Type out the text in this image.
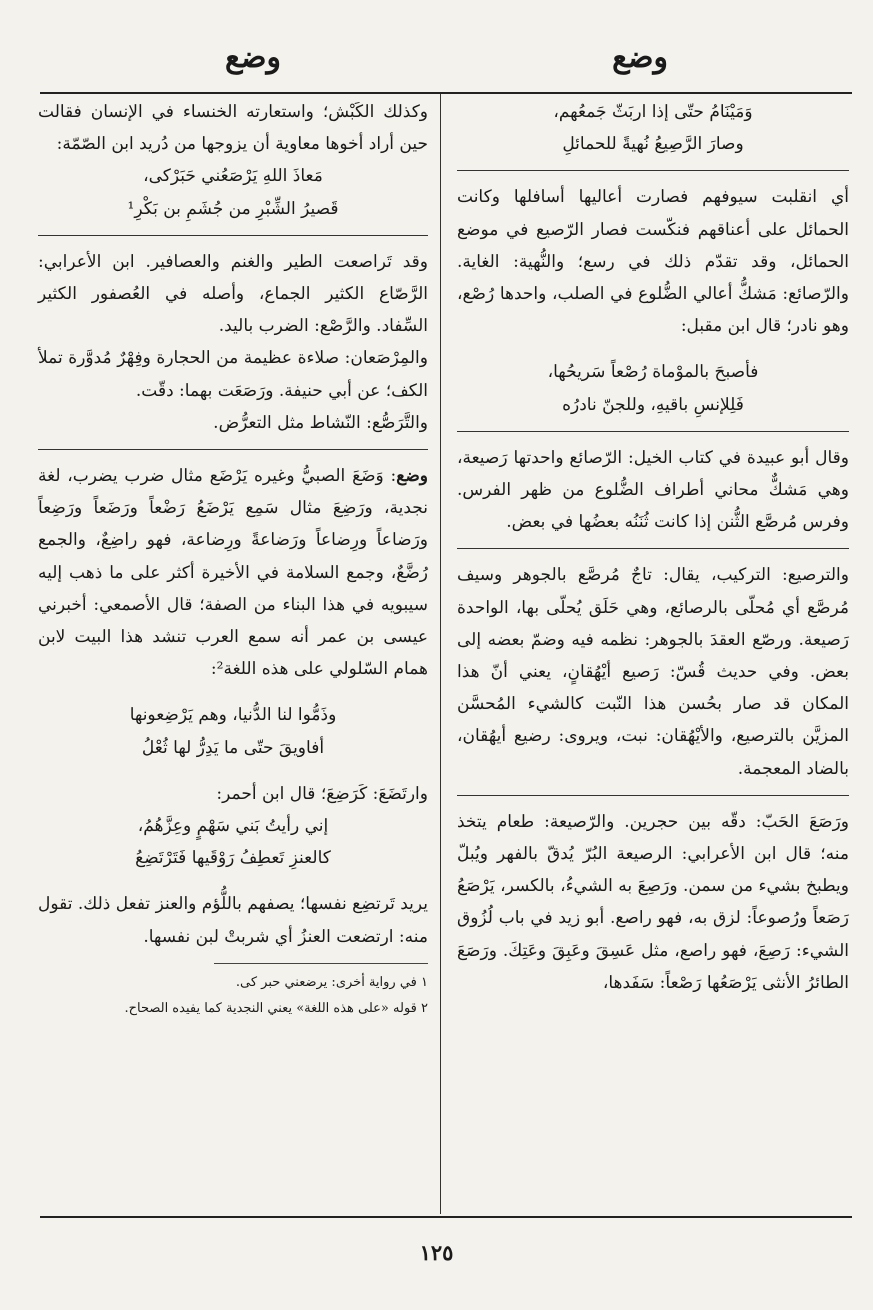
وضع
وضع
وَمَيْنَامُ حتّى إذا اربَثّ جَمعُهم،
وصارَ الرَّصِيعُ نُهيةً للحمائلِ

أي انقلبت سيوفهم فصارت أعاليها أسافلها وكانت الحمائل على أعناقهم فنكّست فصار الرّصيع في موضع الحمائل، وقد تقدّم ذلك في رسع؛ والنُّهية: الغاية. والرّصائع: مَشكُّ أعالي الضُّلوع في الصلب، واحدها رُصْع، وهو نادر؛ قال ابن مقبل:

فأصبحَ بالموْماة رُصْعاً سَريحُها،
فَلِلإنسِ باقيهِ، وللجنّ نادرُه

وقال أبو عبيدة في كتاب الخيل: الرّصائع واحدتها رَصيعة، وهي مَشكٌّ محاني أطراف الضُّلوع من ظهر الفرس. وفرس مُرصَّع الثُّنن إذا كانت ثُنَنُه بعضُها في بعض.

والترصيع: التركيب، يقال: تاجٌ مُرصَّع بالجوهر وسيف مُرصَّع أي مُحلّى بالرصائع، وهي حَلَق يُحلّى بها، الواحدة رَصيعة. ورصّع العقدَ بالجوهر: نظمه فيه وضمّ بعضه إلى بعض. وفي حديث قُسّ: رَصيع أيْهُقانٍ، يعني أنّ هذا المكان قد صار بحُسن هذا النّبت كالشيء المُحسَّن المزيَّن بالترصيع، والأيْهُقان: نبت، ويروى: رضيع أيهُقان، بالضاد المعجمة.

ورَصَعَ الحَبّ: دقّه بين حجرين. والرّصيعة: طعام يتخذ منه؛ قال ابن الأعرابي: الرصيعة البُرّ يُدقّ بالفهر ويُبلّ ويطبخ بشيء من سمن. ورَصِعَ به الشيءُ، بالكسر، يَرْصَعُ رَصَعاً ورُصوعاً: لزق به، فهو راصع. أبو زيد في باب لُزُوق الشيء: رَصِعَ، فهو راصع، مثل عَسِقَ وعَبِقَ وعَتِكَ. ورَصَعَ الطائرُ الأنثى يَرْصَعُها رَصْعاً: سَفَدها،

وكذلك الكَبْش؛ واستعارته الخنساء في الإنسان فقالت حين أراد أخوها معاوية أن يزوجها من دُريد ابن الصّمّة:

مَعاذَ اللهِ يَرْصَعُني حَبَرْكى،
قَصيرُ الشِّبْرِ من جُشَمِ بن بَكْرِ¹

وقد تَراصعت الطير والغنم والعصافير. ابن الأعرابي: الرَّصّاع الكثير الجماع، وأصله في العُصفور الكثير السِّفاد. والرَّصْع: الضرب باليد.

والمِرْصَعان: صلاءة عظيمة من الحجارة وفِهْرٌ مُدوَّرة تملأ الكف؛ عن أبي حنيفة. ورَصَعَت بهما: دقّت.

والتَّرَصُّع: النّشاط مثل التعرُّض.

وضع: وَضَعَ الصبيُّ وغيره يَرْضَع مثال ضرب يضرب، لغة نجدية، ورَضِعَ مثال سَمِع يَرْضَعُ رَضْعاً ورَضَعاً ورَضِعاً ورَضاعاً ورِضاعاً ورَضاعةً ورِضاعة، فهو راضِعٌ، والجمع رُضَّعٌ، وجمع السلامة في الأخيرة أكثر على ما ذهب إليه سيبويه في هذا البناء من الصفة؛ قال الأصمعي: أخبرني عيسى بن عمر أنه سمع العرب تنشد هذا البيت لابن همام السّلولي على هذه اللغة²:

وذَمُّوا لنا الدُّنيا، وهم يَرْضِعونها
أفاويقَ حتّى ما يَدِرُّ لها ثُعْلُ

وارتَضَعَ: كَرَضِعَ؛ قال ابن أحمر:

إني رأيتُ بَني سَهْمٍ وعِزَّهُمُ،
كالعنزِ تَعطِفُ رَوْقَيها فَتَرْتَضِعُ

يريد تَرتضِع نفسها؛ يصفهم باللُّؤم والعنز تفعل ذلك. تقول منه: ارتضعت العنزُ أي شربتْ لبن نفسها.

١ في رواية أخرى: يرضعني حبر كى.

٢ قوله «على هذه اللغة» يعني النجدية كما يفيده الصحاح.

١٢٥
